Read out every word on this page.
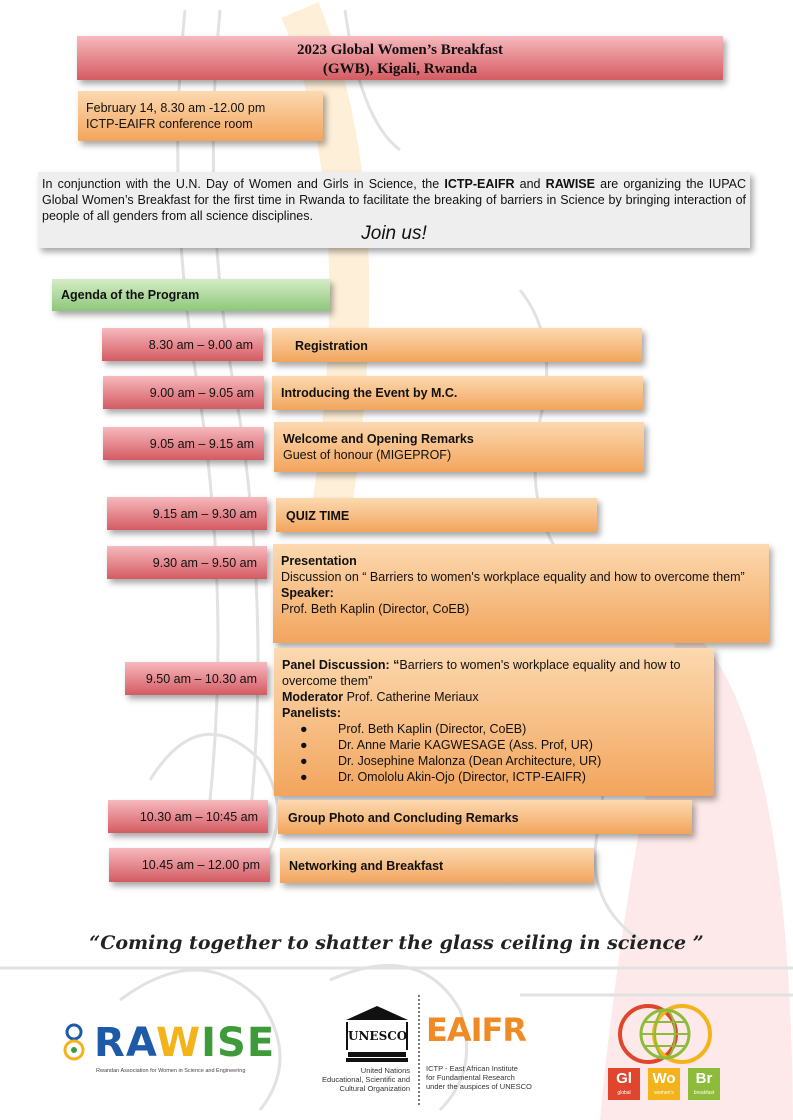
2023 Global Women’s Breakfast
(GWB), Kigali, Rwanda
February 14, 8.30 am -12.00 pm
ICTP-EAIFR conference room
In conjunction with the U.N. Day of Women and Girls in Science, the ICTP-EAIFR and RAWISE are organizing the IUPAC Global Women’s Breakfast for the first time in Rwanda to facilitate the breaking of barriers in Science by bringing interaction of people of all genders from all science disciplines.
Join us!
Agenda of the Program
8.30 am – 9.00 am	Registration
9.00 am – 9.05 am	Introducing the Event by M.C.
9.05 am – 9.15 am	Welcome and Opening Remarks
Guest of honour (MIGEPROF)
9.15 am – 9.30 am	QUIZ TIME
9.30 am – 9.50 am	Presentation
Discussion on “ Barriers to women's workplace equality and how to overcome them”
Speaker:
Prof. Beth Kaplin (Director, CoEB)
9.50 am – 10.30 am
Panel Discussion: “Barriers to women's workplace equality and how to overcome them”
Moderator Prof. Catherine Meriaux
Panelists:
● Prof. Beth Kaplin (Director, CoEB)
● Dr. Anne Marie KAGWESAGE (Ass. Prof, UR)
● Dr. Josephine Malonza (Dean Architecture, UR)
● Dr. Omololu Akin-Ojo (Director, ICTP-EAIFR)
10.30 am – 10:45 am	Group Photo and Concluding Remarks
10.45 am – 12.00 pm	Networking and Breakfast
“Coming together to shatter the glass ceiling in science ”
RAWISE
Rwandan Association for Women in Science and Engineering
UNESCO
United Nations
Educational, Scientific and
Cultural Organization
EAIFR
ICTP - East African Institute
for Fundamental Research
under the auspices of UNESCO	Gl
global
Wo
women's
Br
breakfast
